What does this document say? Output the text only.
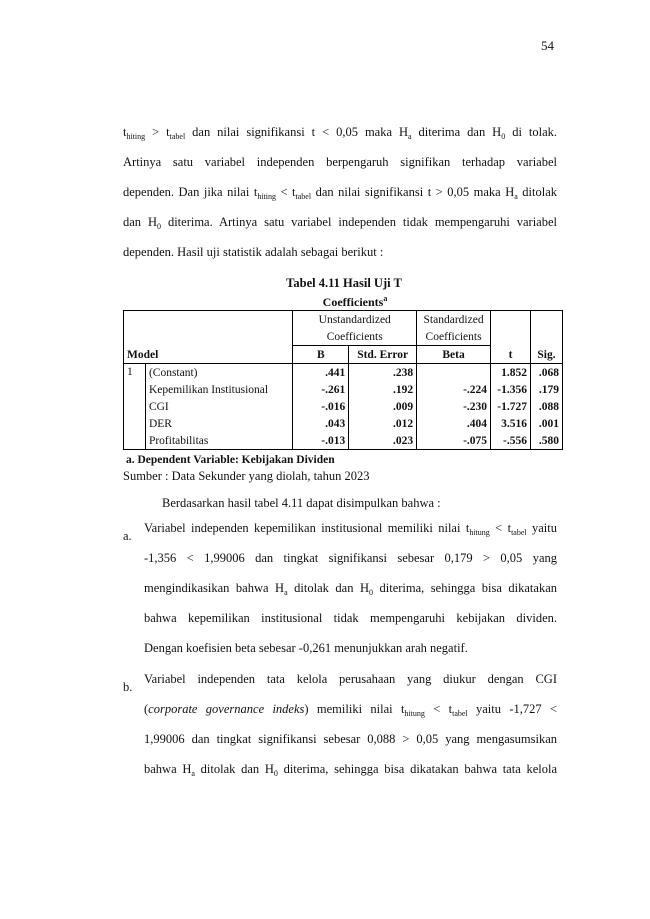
54
$t_{hiting} > t_{tabel}$ dan nilai signifikansi t < 0,05 maka $H_a$ diterima dan $H_0$ di tolak.
Artinya satu variabel independen berpengaruh signifikan terhadap variabel
dependen. Dan jika nilai $t_{hiting} < t_{tabel}$ dan nilai signifikansi t > 0,05 maka $H_a$ ditolak
dan $H_0$ diterima. Artinya satu variabel independen tidak mempengaruhi variabel
dependen. Hasil uji statistik adalah sebagai berikut :
Tabel 4.11 Hasil Uji T
Coefficients$^a$
Model		Unstandardized		Standardized	t	Sig.
		Coefficients		Coefficients		
		B	Std. Error	Beta		
1	(Constant)	.441	.238		1.852	.068
	Kepemilikan Institusional	-.261	.192	-.224	-1.356	.179
	CGI	-.016	.009	-.230	-1.727	.088
	DER	.043	.012	.404	3.516	.001
	Profitabilitas	-.013	.023	-.075	-.556	.580
a. Dependent Variable: Kebijakan Dividen
Sumber : Data Sekunder yang diolah, tahun 2023
Berdasarkan hasil tabel 4.11 dapat disimpulkan bahwa :
a.
Variabel independen kepemilikan institusional memiliki nilai $t_{hitung} < t_{tabel}$ yaitu
-1,356 < 1,99006 dan tingkat signifikansi sebesar 0,179 > 0,05 yang
mengindikasikan bahwa $H_a$ ditolak dan $H_0$ diterima, sehingga bisa dikatakan
bahwa kepemilikan institusional tidak mempengaruhi kebijakan dividen.
Dengan koefisien beta sebesar -0,261 menunjukkan arah negatif.
b.
Variabel independen tata kelola perusahaan yang diukur dengan CGI
(corporate governance indeks) memiliki nilai $t_{hitung} < t_{tabel}$ yaitu -1,727 <
1,99006 dan tingkat signifikansi sebesar 0,088 > 0,05 yang mengasumsikan
bahwa $H_a$ ditolak dan $H_0$ diterima, sehingga bisa dikatakan bahwa tata kelola
